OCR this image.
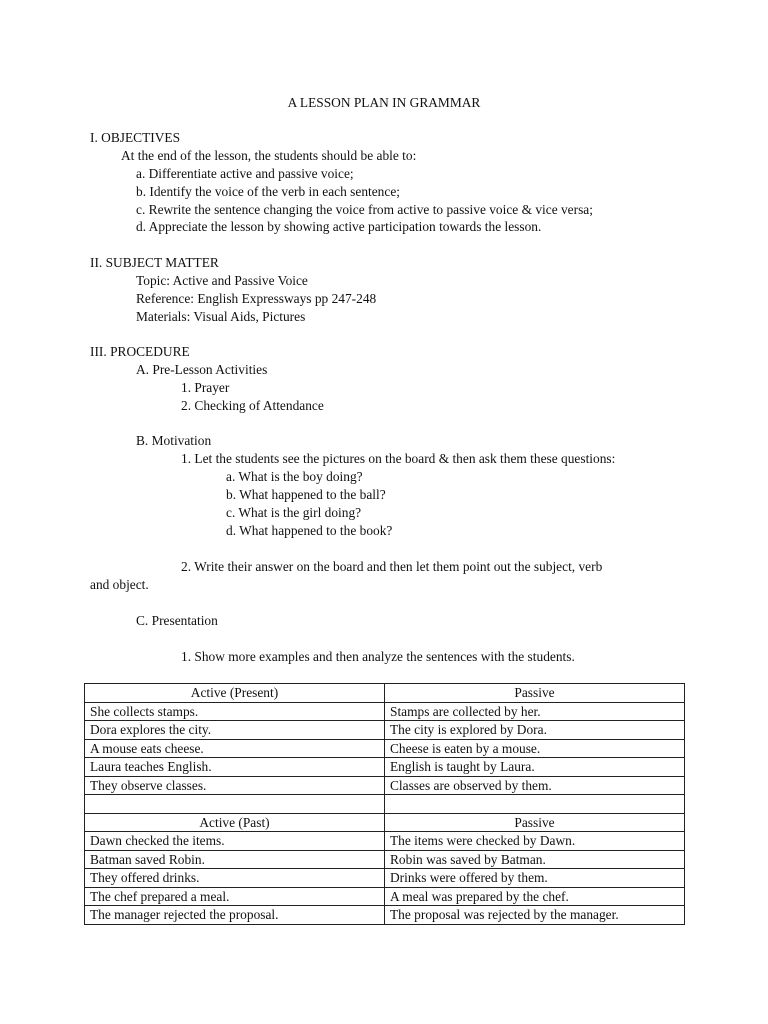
A LESSON PLAN IN GRAMMAR
I. OBJECTIVES
At the end of the lesson, the students should be able to:
a. Differentiate active and passive voice;
b. Identify the voice of the verb in each sentence;
c. Rewrite the sentence changing the voice from active to passive voice & vice versa;
d. Appreciate the lesson by showing active participation towards the lesson.
II. SUBJECT MATTER
Topic: Active and Passive Voice
Reference: English Expressways pp 247-248
Materials: Visual Aids, Pictures
III. PROCEDURE
A. Pre-Lesson Activities
1. Prayer
2. Checking of Attendance
B. Motivation
1. Let the students see the pictures on the board & then ask them these questions:
a. What is the boy doing?
b. What happened to the ball?
c. What is the girl doing?
d. What happened to the book?
2. Write their answer on the board and then let them point out the subject, verb
and object.
C. Presentation
1. Show more examples and then analyze the sentences with the students.
Active (Present)	Passive
She collects stamps.	Stamps are collected by her.
Dora explores the city.	The city is explored by Dora.
A mouse eats cheese.	Cheese is eaten by a mouse.
Laura teaches English.	English is taught by Laura.
They observe classes.	Classes are observed by them.

Active (Past)	Passive
Dawn checked the items.	The items were checked by Dawn.
Batman saved Robin.	Robin was saved by Batman.
They offered drinks.	Drinks were offered by them.
The chef prepared a meal.	A meal was prepared by the chef.
The manager rejected the proposal.	The proposal was rejected by the manager.
